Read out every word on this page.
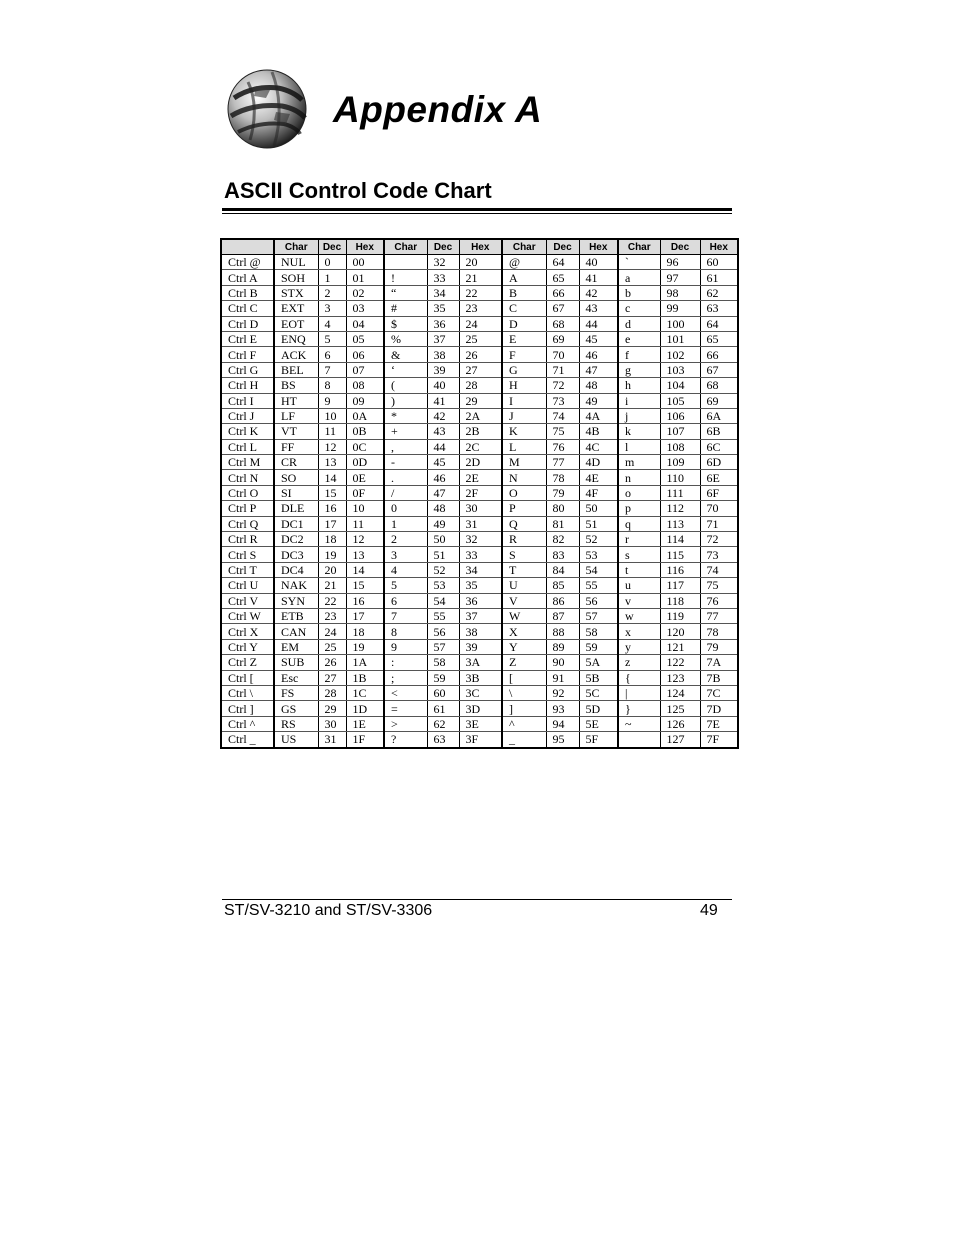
Appendix A
ASCII Control Code Chart
	Char	Dec	Hex	Char	Dec	Hex	Char	Dec	Hex	Char	Dec	Hex
Ctrl @	NUL	0	00		32	20	@	64	40	`	96	60
Ctrl A	SOH	1	01	!	33	21	A	65	41	a	97	61
Ctrl B	STX	2	02	“	34	22	B	66	42	b	98	62
Ctrl C	EXT	3	03	#	35	23	C	67	43	c	99	63
Ctrl D	EOT	4	04	$	36	24	D	68	44	d	100	64
Ctrl E	ENQ	5	05	%	37	25	E	69	45	e	101	65
Ctrl F	ACK	6	06	&	38	26	F	70	46	f	102	66
Ctrl G	BEL	7	07	‘	39	27	G	71	47	g	103	67
Ctrl H	BS	8	08	(	40	28	H	72	48	h	104	68
Ctrl I	HT	9	09	)	41	29	I	73	49	i	105	69
Ctrl J	LF	10	0A	*	42	2A	J	74	4A	j	106	6A
Ctrl K	VT	11	0B	+	43	2B	K	75	4B	k	107	6B
Ctrl L	FF	12	0C	,	44	2C	L	76	4C	l	108	6C
Ctrl M	CR	13	0D	-	45	2D	M	77	4D	m	109	6D
Ctrl N	SO	14	0E	.	46	2E	N	78	4E	n	110	6E
Ctrl O	SI	15	0F	/	47	2F	O	79	4F	o	111	6F
Ctrl P	DLE	16	10	0	48	30	P	80	50	p	112	70
Ctrl Q	DC1	17	11	1	49	31	Q	81	51	q	113	71
Ctrl R	DC2	18	12	2	50	32	R	82	52	r	114	72
Ctrl S	DC3	19	13	3	51	33	S	83	53	s	115	73
Ctrl T	DC4	20	14	4	52	34	T	84	54	t	116	74
Ctrl U	NAK	21	15	5	53	35	U	85	55	u	117	75
Ctrl V	SYN	22	16	6	54	36	V	86	56	v	118	76
Ctrl W	ETB	23	17	7	55	37	W	87	57	w	119	77
Ctrl X	CAN	24	18	8	56	38	X	88	58	x	120	78
Ctrl Y	EM	25	19	9	57	39	Y	89	59	y	121	79
Ctrl Z	SUB	26	1A	:	58	3A	Z	90	5A	z	122	7A
Ctrl [	Esc	27	1B	;	59	3B	[	91	5B	{	123	7B
Ctrl \	FS	28	1C	<	60	3C	\	92	5C	|	124	7C
Ctrl ]	GS	29	1D	=	61	3D	]	93	5D	}	125	7D
Ctrl ^	RS	30	1E	>	62	3E	^	94	5E	~	126	7E
Ctrl _	US	31	1F	?	63	3F	_	95	5F		127	7F
ST/SV-3210 and ST/SV-3306	49
